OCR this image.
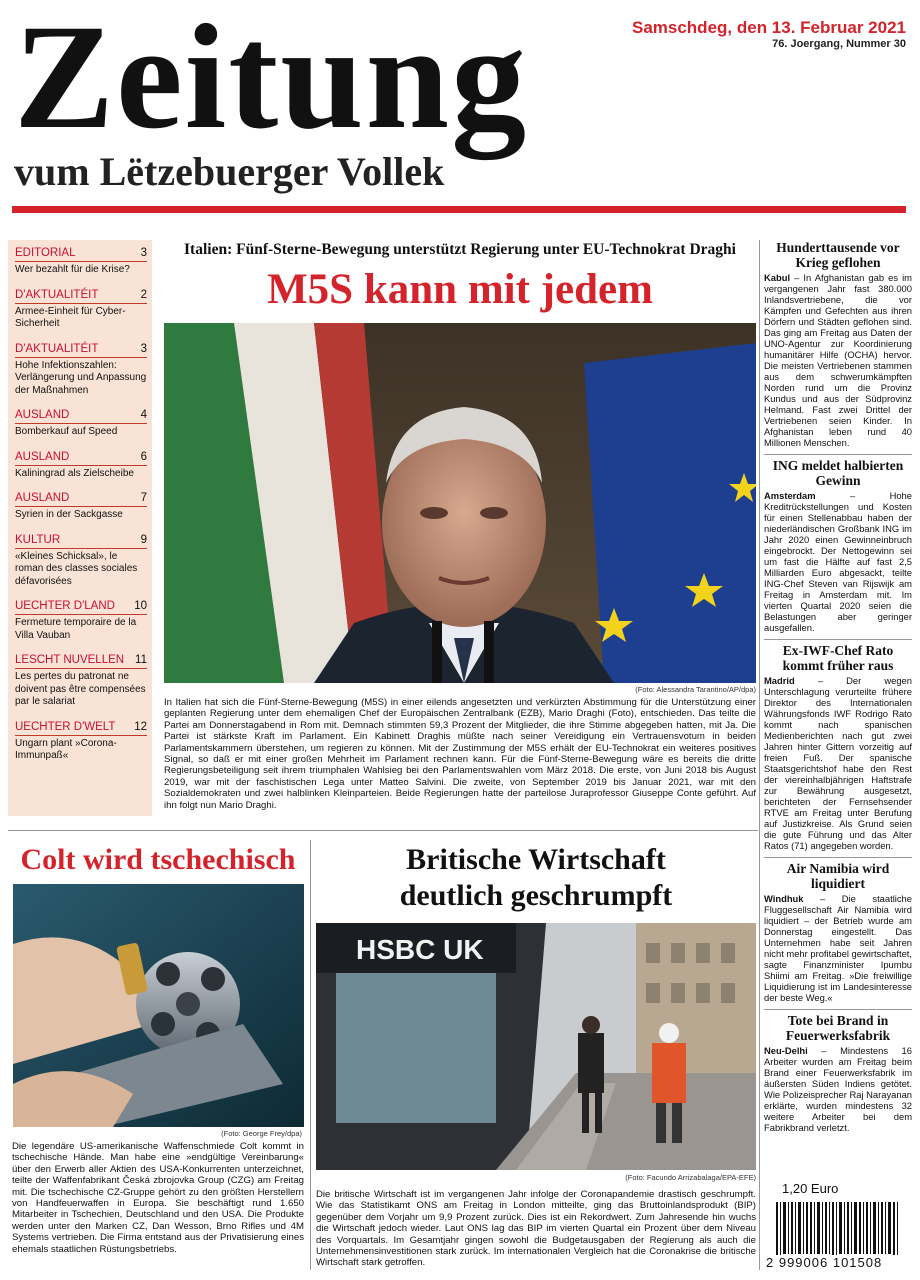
Zeitung
vum Lëtzebuerger Vollek
Samschdeg, den 13. Februar 2021
76. Joergang, Nummer 30
EDITORIAL	3
Wer bezahlt für die Krise?
D'AKTUALITÉIT	2
Armee-Einheit für Cyber-Sicherheit
D'AKTUALITÉIT	3
Hohe Infektionszahlen: Verlängerung und Anpassung der Maßnahmen
AUSLAND	4
Bomberkauf auf Speed
AUSLAND	6
Kaliningrad als Zielscheibe
AUSLAND	7
Syrien in der Sackgasse
KULTUR	9
«Kleines Schicksal», le roman des classes sociales défavorisées
UECHTER D'LAND 10
Fermeture temporaire de la Villa Vauban
LESCHT NUVELLEN 11
Les pertes du patronat ne doivent pas être compensées par le salariat
UECHTER D'WELT 12
Ungarn plant »Corona-Immunpaß«
Italien: Fünf-Sterne-Bewegung unterstützt Regierung unter EU-Technokrat Draghi
M5S kann mit jedem
(Foto: Alessandra Tarantino/AP/dpa)
In Italien hat sich die Fünf-Sterne-Bewegung (M5S) in einer eilends angesetzten und verkürzten Abstimmung für die Unterstützung einer geplanten Regierung unter dem ehemaligen Chef der Europäischen Zentralbank (EZB), Mario Draghi (Foto), entschieden. Das teilte die Partei am Donnerstagabend in Rom mit. Demnach stimmten 59,3 Prozent der Mitglieder, die ihre Stimme abgegeben hatten, mit Ja. Die Partei ist stärkste Kraft im Parlament. Ein Kabinett Draghis müßte nach seiner Vereidigung ein Vertrauensvotum in beiden Parlamentskammern überstehen, um regieren zu können. Mit der Zustimmung der M5S erhält der EU-Technokrat ein weiteres positives Signal, so daß er mit einer großen Mehrheit im Parlament rechnen kann. Für die Fünf-Sterne-Bewegung wäre es bereits die dritte Regierungsbeteiligung seit ihrem triumphalen Wahlsieg bei den Parlamentswahlen vom März 2018. Die erste, von Juni 2018 bis August 2019, war mit der faschistischen Lega unter Matteo Salvini. Die zweite, von September 2019 bis Januar 2021, war mit den Sozialdemokraten und zwei halblinken Kleinparteien. Beide Regierungen hatte der parteilose Juraprofessor Giuseppe Conte geführt. Auf ihn folgt nun Mario Draghi.
Colt wird tschechisch
(Foto: George Frey/dpa)
Die legendäre US-amerikanische Waffenschmiede Colt kommt in tschechische Hände. Man habe eine »endgültige Vereinbarung« über den Erwerb aller Aktien des USA-Konkurrenten unterzeichnet, teilte der Waffenfabrikant Česká zbrojovka Group (CZG) am Freitag mit. Die tschechische CZ-Gruppe gehört zu den größten Herstellern von Handfeuerwaffen in Europa. Sie beschäftigt rund 1.650 Mitarbeiter in Tschechien, Deutschland und den USA. Die Produkte werden unter den Marken CZ, Dan Wesson, Brno Rifles und 4M Systems vertrieben. Die Firma entstand aus der Privatisierung eines ehemals staatlichen Rüstungsbetriebs.
Britische Wirtschaft
deutlich geschrumpft
HSBC UK
(Foto: Facundo Arrizabalaga/EPA-EFE)
Die britische Wirtschaft ist im vergangenen Jahr infolge der Coronapandemie drastisch geschrumpft. Wie das Statistikamt ONS am Freitag in London mitteilte, ging das Bruttoinlandsprodukt (BIP) gegenüber dem Vorjahr um 9,9 Prozent zurück. Dies ist ein Rekordwert. Zum Jahresende hin wuchs die Wirtschaft jedoch wieder. Laut ONS lag das BIP im vierten Quartal ein Prozent über dem Niveau des Vorquartals. Im Gesamtjahr gingen sowohl die Budgetausgaben der Regierung als auch die Unternehmensinvestitionen stark zurück. Im internationalen Vergleich hat die Coronakrise die britische Wirtschaft stark getroffen.
Hunderttausende vor Krieg geflohen
Kabul – In Afghanistan gab es im vergangenen Jahr fast 380.000 Inlandsvertriebene, die vor Kämpfen und Gefechten aus ihren Dörfern und Städten geflohen sind. Das ging am Freitag aus Daten der UNO-Agentur zur Koordinierung humanitärer Hilfe (OCHA) hervor. Die meisten Vertriebenen stammen aus dem schwerumkämpften Norden rund um die Provinz Kundus und aus der Südprovinz Helmand. Fast zwei Drittel der Vertriebenen seien Kinder. In Afghanistan leben rund 40 Millionen Menschen.
ING meldet halbierten Gewinn
Amsterdam – Hohe Kreditrückstellungen und Kosten für einen Stellenabbau haben der niederländischen Großbank ING im Jahr 2020 einen Gewinneinbruch eingebrockt. Der Nettogewinn sei um fast die Hälfte auf fast 2,5 Milliarden Euro abgesackt, teilte ING-Chef Steven van Rijswijk am Freitag in Amsterdam mit. Im vierten Quartal 2020 seien die Belastungen aber geringer ausgefallen.
Ex-IWF-Chef Rato kommt früher raus
Madrid – Der wegen Unterschlagung verurteilte frühere Direktor des Internationalen Währungsfonds IWF Rodrigo Rato kommt nach spanischen Medienberichten nach gut zwei Jahren hinter Gittern vorzeitig auf freien Fuß. Der spanische Staatsgerichtshof habe den Rest der viereinhalbjährigen Haftstrafe zur Bewährung ausgesetzt, berichteten der Fernsehsender RTVE am Freitag unter Berufung auf Justizkreise. Als Grund seien die gute Führung und das Alter Ratos (71) angegeben worden.
Air Namibia wird liquidiert
Windhuk – Die staatliche Fluggesellschaft Air Namibia wird liquidiert – der Betrieb wurde am Donnerstag eingestellt. Das Unternehmen habe seit Jahren nicht mehr profitabel gewirtschaftet, sagte Finanzminister Ipumbu Shiimi am Freitag. »Die freiwillige Liquidierung ist im Landesinteresse der beste Weg.«
Tote bei Brand in Feuerwerksfabrik
Neu-Delhi – Mindestens 16 Arbeiter wurden am Freitag beim Brand einer Feuerwerksfabrik im äußersten Süden Indiens getötet. Wie Polizeisprecher Raj Narayanan erklärte, wurden mindestens 32 weitere Arbeiter bei dem Fabrikbrand verletzt.
1,20 Euro
2 999006 101508
